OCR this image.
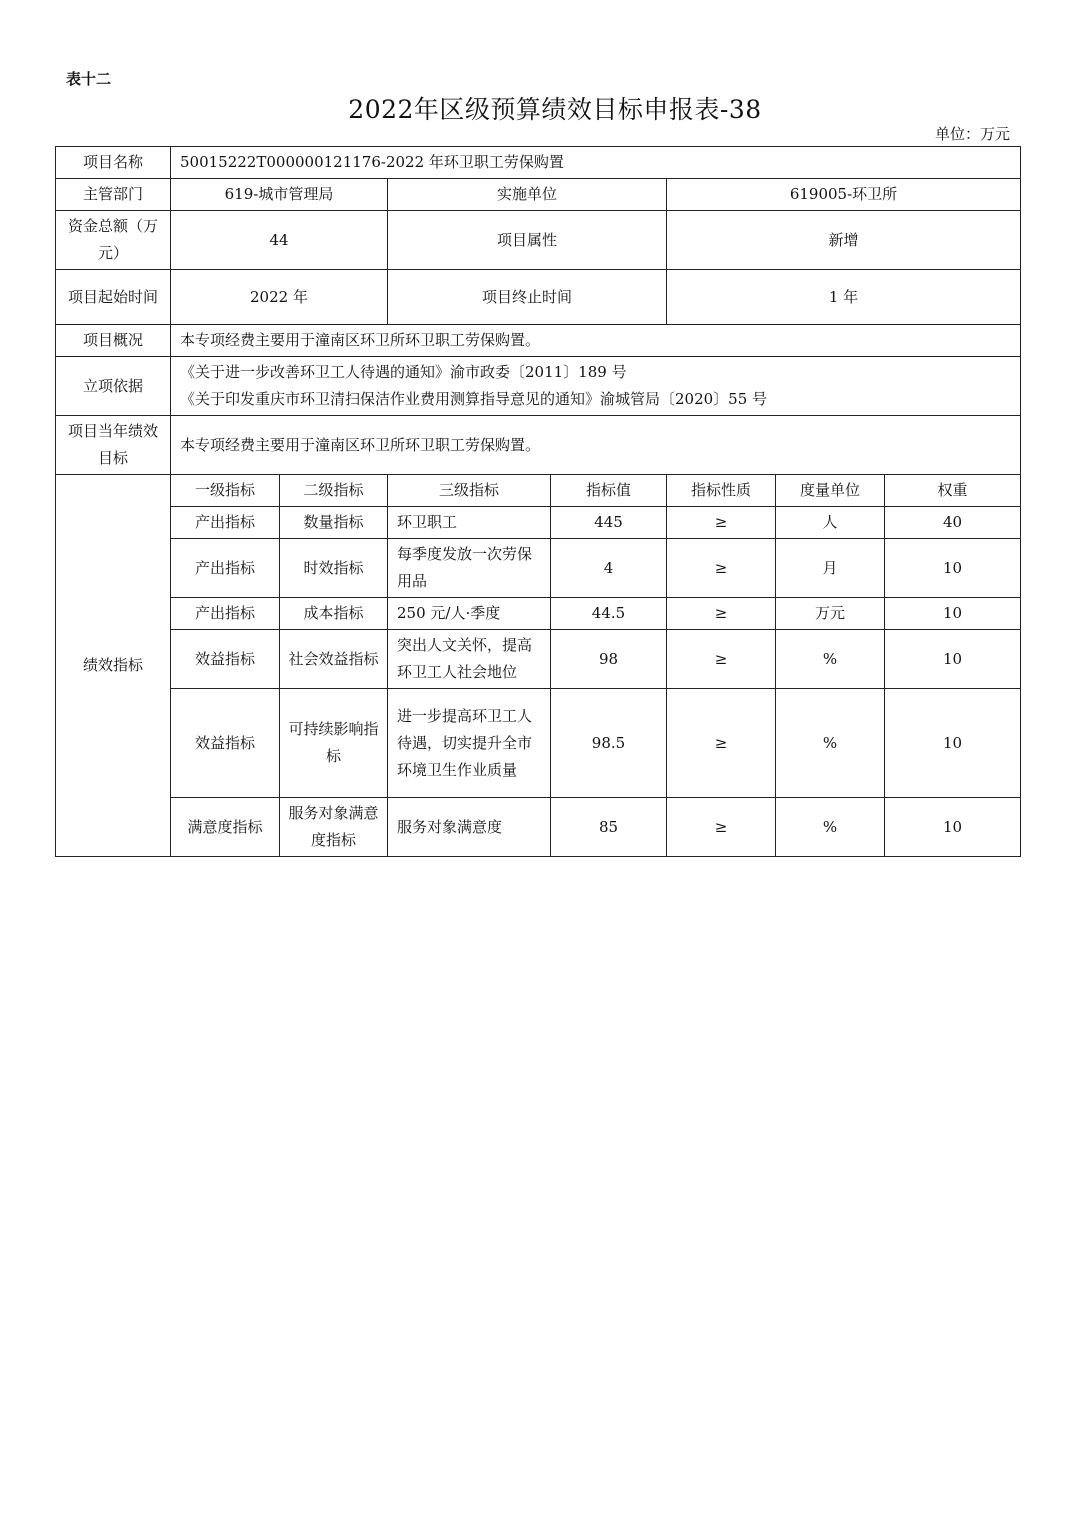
表十二
2022年区级预算绩效目标申报表-38
单位：万元
项目名称	50015222T000000121176-2022 年环卫职工劳保购置						
主管部门	619-城市管理局		实施单位		619005-环卫所		
资金总额（万元）	44		项目属性		新增		
项目起始时间	2022 年		项目终止时间		1 年		
项目概况	本专项经费主要用于潼南区环卫所环卫职工劳保购置。						
立项依据	《关于进一步改善环卫工人待遇的通知》渝市政委〔2011〕189 号
《关于印发重庆市环卫清扫保洁作业费用测算指导意见的通知》渝城管局〔2020〕55 号						

项目当年绩效目标	本专项经费主要用于潼南区环卫所环卫职工劳保购置。						
绩效指标	一级指标	二级指标	三级指标	指标值	指标性质	度量单位	权重
	产出指标	数量指标	环卫职工	445	≥	人	40
	产出指标	时效指标	每季度发放一次劳保用品	4	≥	月	10
	产出指标	成本指标	250 元/人·季度	44.5	≥	万元	10
	效益指标	社会效益指标	突出人文关怀，提高环卫工人社会地位	98	≥	%	10
	效益指标	可持续影响指标	进一步提高环卫工人待遇，切实提升全市环境卫生作业质量	98.5	≥	%	10
	满意度指标	服务对象满意度指标	服务对象满意度	85	≥	%	10
